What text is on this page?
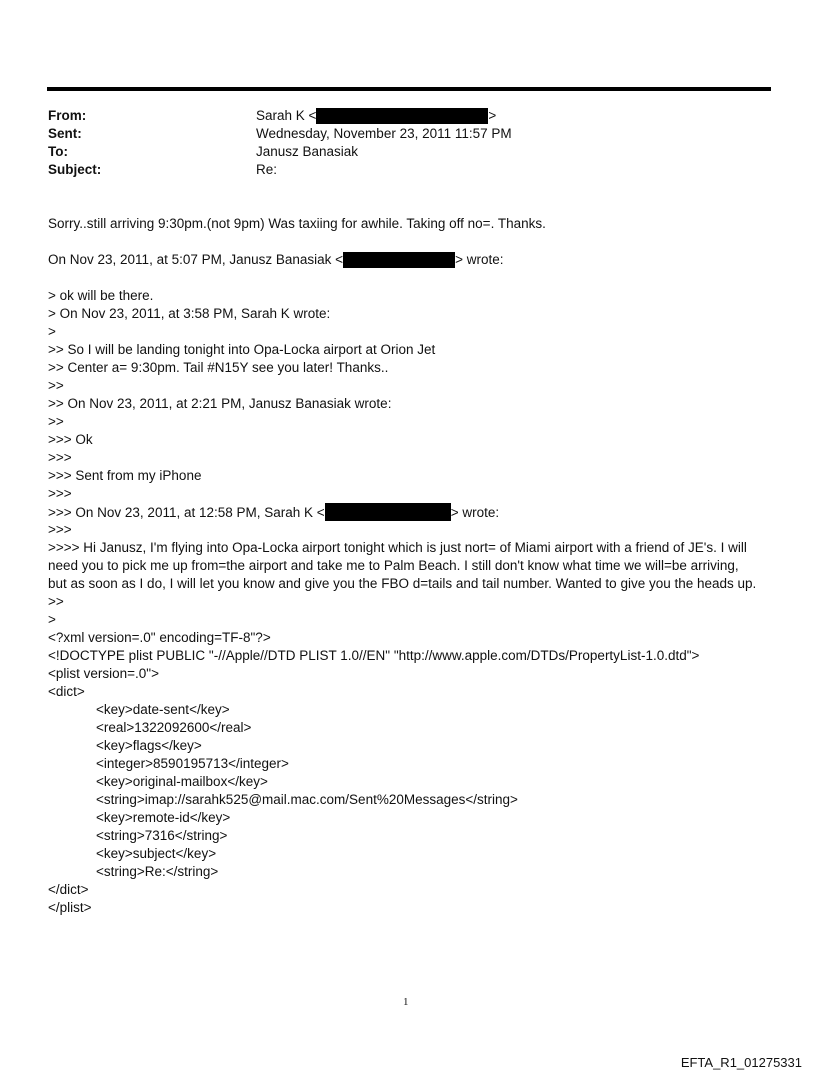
From:	Sarah K <	>
Sent:	Wednesday, November 23, 2011 11:57 PM
To:	Janusz Banasiak
Subject:	Re:
Sorry..still arriving 9:30pm.(not 9pm) Was taxiing for awhile. Taking off no=. Thanks.
On Nov 23, 2011, at 5:07 PM, Janusz Banasiak <	> wrote:
> ok will be there.
> On Nov 23, 2011, at 3:58 PM, Sarah K wrote:
>
>> So I will be landing tonight into Opa-Locka airport at Orion Jet
>> Center a= 9:30pm. Tail #N15Y see you later! Thanks..
>>
>> On Nov 23, 2011, at 2:21 PM, Janusz Banasiak wrote:
>>
>>> Ok
>>>
>>> Sent from my iPhone
>>>
>>> On Nov 23, 2011, at 12:58 PM, Sarah K <	> wrote:
>>>
>>>> Hi Janusz, I'm flying into Opa-Locka airport tonight which is just nort= of Miami airport with a friend of JE's. I will need you to pick me up from=the airport and take me to Palm Beach. I still don't know what time we will=be arriving, but as soon as I do, I will let you know and give you the FBO d=tails and tail number. Wanted to give you the heads up.
>>
>
<?xml version=.0" encoding=TF-8"?>
<!DOCTYPE plist PUBLIC "-//Apple//DTD PLIST 1.0//EN" "http://www.apple.com/DTDs/PropertyList-1.0.dtd">
<plist version=.0">
<dict>
<key>date-sent</key>
<real>1322092600</real>
<key>flags</key>
<integer>8590195713</integer>
<key>original-mailbox</key>
<string>imap://sarahk525@mail.mac.com/Sent%20Messages</string>
<key>remote-id</key>
<string>7316</string>
<key>subject</key>
<string>Re:</string>
</dict>
</plist>
1
EFTA_R1_01275331
